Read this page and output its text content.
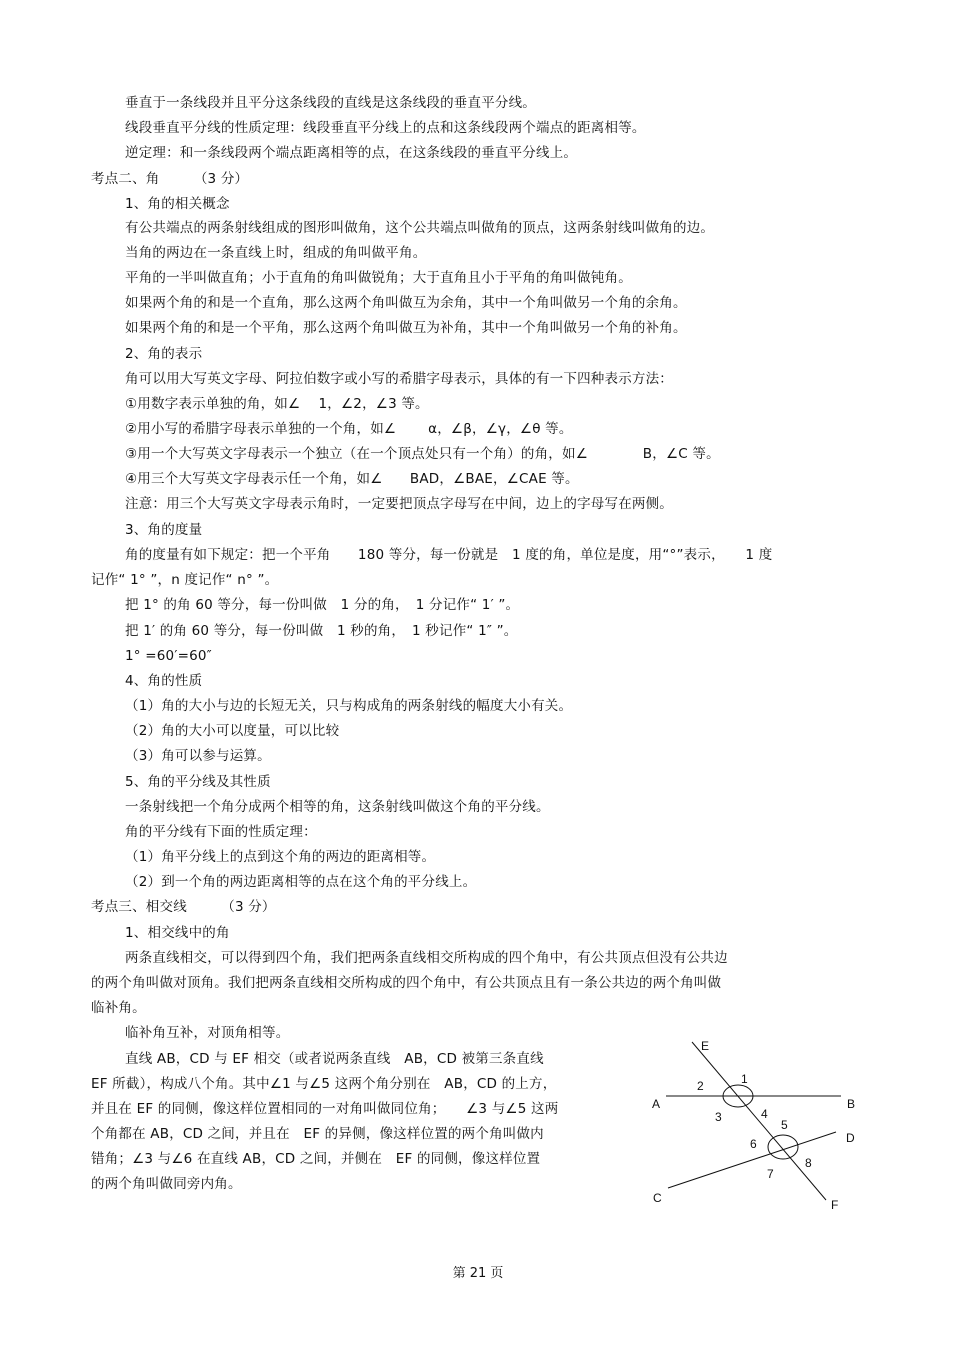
垂直于一条线段并且平分这条线段的直线是这条线段的垂直平分线。
线段垂直平分线的性质定理：线段垂直平分线上的点和这条线段两个端点的距离相等。
逆定理：和一条线段两个端点距离相等的点，在这条线段的垂直平分线上。
考点二、角　　　（3 分）
1、角的相关概念
有公共端点的两条射线组成的图形叫做角，这个公共端点叫做角的顶点，这两条射线叫做角的边。
当角的两边在一条直线上时，组成的角叫做平角。
平角的一半叫做直角；小于直角的角叫做锐角；大于直角且小于平角的角叫做钝角。
如果两个角的和是一个直角，那么这两个角叫做互为余角，其中一个角叫做另一个角的余角。
如果两个角的和是一个平角，那么这两个角叫做互为补角，其中一个角叫做另一个角的补角。
2、角的表示
角可以用大写英文字母、阿拉伯数字或小写的希腊字母表示，具体的有一下四种表示方法：
①用数字表示单独的角，如∠　 1，∠2，∠3 等。
②用小写的希腊字母表示单独的一个角，如∠　　 α，∠β，∠γ，∠θ 等。
③用一个大写英文字母表示一个独立（在一个顶点处只有一个角）的角，如∠　　　　B，∠C 等。
④用三个大写英文字母表示任一个角，如∠　　BAD，∠BAE，∠CAE 等。
注意：用三个大写英文字母表示角时，一定要把顶点字母写在中间，边上的字母写在两侧。
3、角的度量
角的度量有如下规定：把一个平角　　180 等分，每一份就是　1 度的角，单位是度，用“°”表示，　　1 度
记作“ 1° ”，n 度记作“ n° ”。
把 1° 的角 60 等分，每一份叫做　1 分的角，　1 分记作“ 1′ ”。
把 1′ 的角 60 等分，每一份叫做　1 秒的角，　1 秒记作“ 1″ ”。
1° =60′=60″
4、角的性质
（1）角的大小与边的长短无关，只与构成角的两条射线的幅度大小有关。
（2）角的大小可以度量，可以比较
（3）角可以参与运算。
5、角的平分线及其性质
一条射线把一个角分成两个相等的角，这条射线叫做这个角的平分线。
角的平分线有下面的性质定理：
（1）角平分线上的点到这个角的两边的距离相等。
（2）到一个角的两边距离相等的点在这个角的平分线上。
考点三、相交线　　　（3 分）
1、相交线中的角
两条直线相交，可以得到四个角，我们把两条直线相交所构成的四个角中，有公共顶点但没有公共边
的两个角叫做对顶角。我们把两条直线相交所构成的四个角中，有公共顶点且有一条公共边的两个角叫做
临补角。
临补角互补，对顶角相等。
直线 AB，CD 与 EF 相交（或者说两条直线　AB，CD 被第三条直线
EF 所截），构成八个角。其中∠1 与∠5 这两个角分别在　AB，CD 的上方，
并且在 EF 的同侧，像这样位置相同的一对角叫做同位角；　　∠3 与∠5 这两
个角都在 AB，CD 之间，并且在　EF 的异侧，像这样位置的两个角叫做内
错角；∠3 与∠6 在直线 AB，CD 之间，并侧在　EF 的同侧，像这样位置
的两个角叫做同旁内角。
E
A	B
D
C	F
1
2
3	4
5
6
7
8
第 21 页
